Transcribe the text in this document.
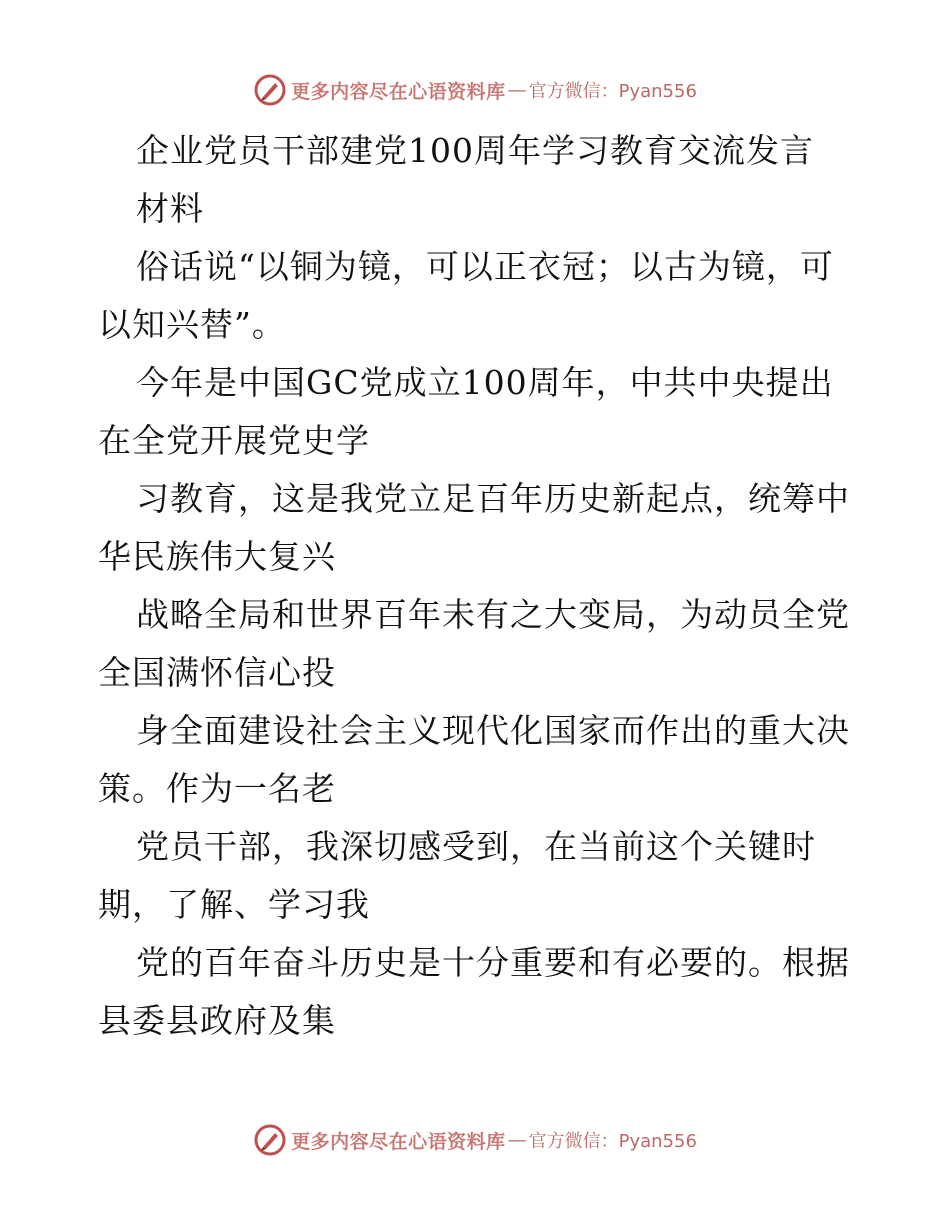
更多内容尽在心语资料库 — 官方微信：Pyan556
企业党员干部建党100周年学习教育交流发言
材料
俗话说“以铜为镜，可以正衣冠；以古为镜，可
以知兴替”。
今年是中国GC党成立100周年，中共中央提出
在全党开展党史学
习教育，这是我党立足百年历史新起点，统筹中
华民族伟大复兴
战略全局和世界百年未有之大变局，为动员全党
全国满怀信心投
身全面建设社会主义现代化国家而作出的重大决
策。作为一名老
党员干部，我深切感受到，在当前这个关键时
期，了解、学习我
党的百年奋斗历史是十分重要和有必要的。根据
县委县政府及集
更多内容尽在心语资料库 — 官方微信：Pyan556
